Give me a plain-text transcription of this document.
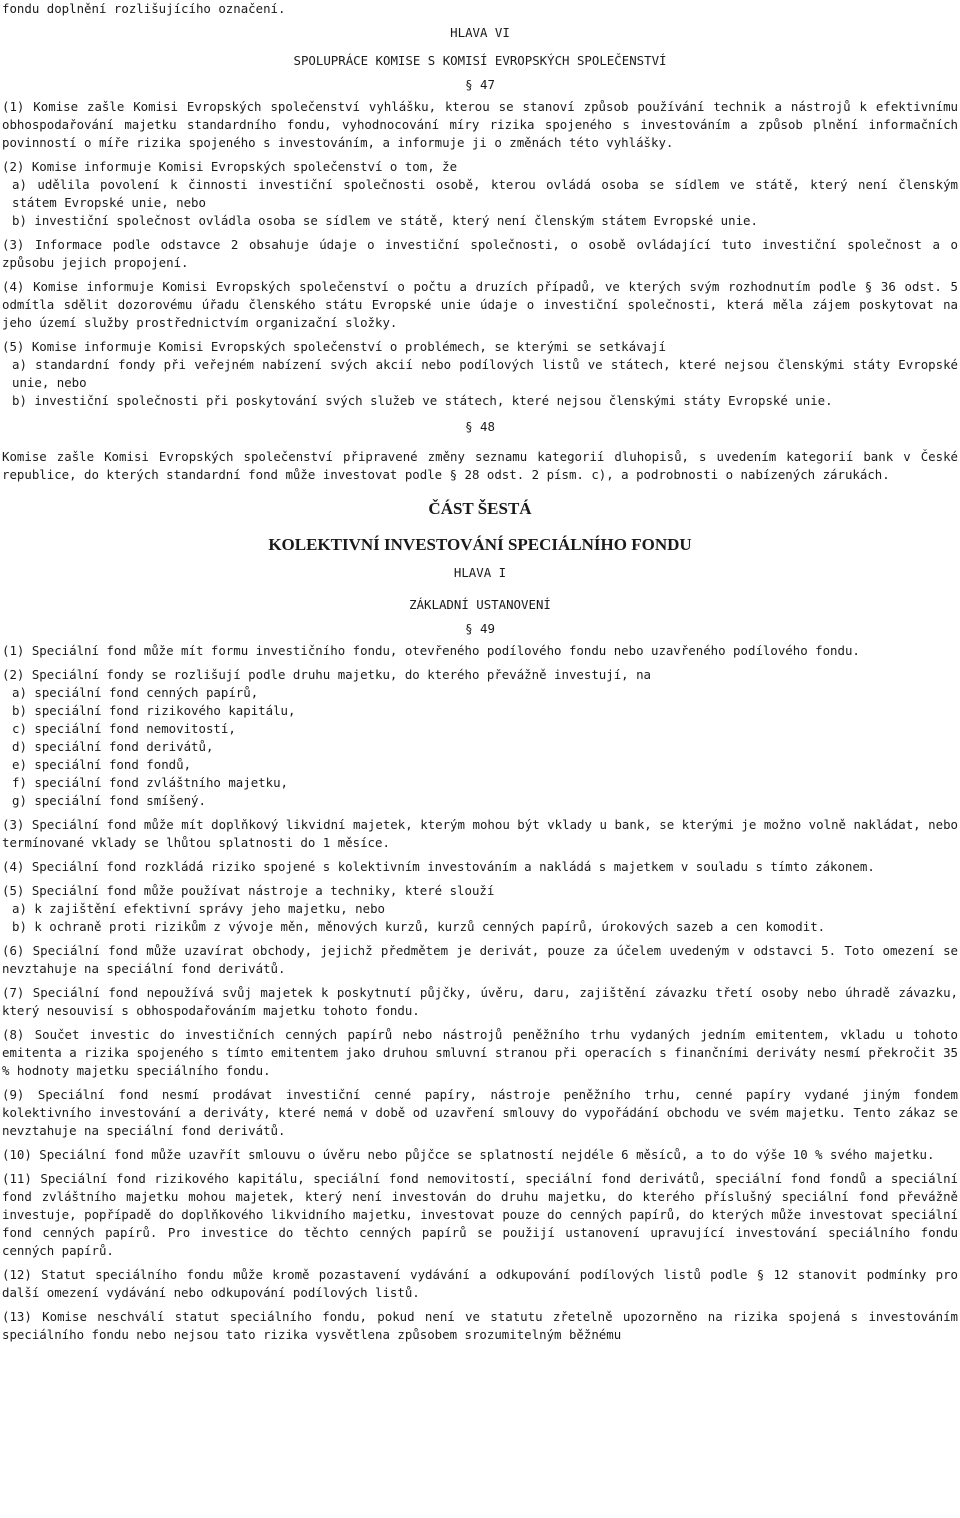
fondu doplnění rozlišujícího označení.

HLAVA VI

SPOLUPRÁCE KOMISE S KOMISÍ EVROPSKÝCH SPOLEČENSTVÍ

§ 47

(1) Komise zašle Komisi Evropských společenství vyhlášku, kterou se stanoví způsob používání technik a nástrojů k efektivnímu obhospodařování majetku standardního fondu, vyhodnocování míry rizika spojeného s investováním a způsob plnění informačních povinností o míře rizika spojeného s investováním, a informuje ji o změnách této vyhlášky.

(2) Komise informuje Komisi Evropských společenství o tom, že

a) udělila povolení k činnosti investiční společnosti osobě, kterou ovládá osoba se sídlem ve státě, který není členským státem Evropské unie, nebo

b) investiční společnost ovládla osoba se sídlem ve státě, který není členským státem Evropské unie.

(3) Informace podle odstavce 2 obsahuje údaje o investiční společnosti, o osobě ovládající tuto investiční společnost a o způsobu jejich propojení.

(4) Komise informuje Komisi Evropských společenství o počtu a druzích případů, ve kterých svým rozhodnutím podle § 36 odst. 5 odmítla sdělit dozorovému úřadu členského státu Evropské unie údaje o investiční společnosti, která měla zájem poskytovat na jeho území služby prostřednictvím organizační složky.

(5) Komise informuje Komisi Evropských společenství o problémech, se kterými se setkávají

a) standardní fondy při veřejném nabízení svých akcií nebo podílových listů ve státech, které nejsou členskými státy Evropské unie, nebo

b) investiční společnosti při poskytování svých služeb ve státech, které nejsou členskými státy Evropské unie.

§ 48

Komise zašle Komisi Evropských společenství připravené změny seznamu kategorií dluhopisů, s uvedením kategorií bank v České republice, do kterých standardní fond může investovat podle § 28 odst. 2 písm. c), a podrobnosti o nabízených zárukách.

ČÁST ŠESTÁ

KOLEKTIVNÍ INVESTOVÁNÍ SPECIÁLNÍHO FONDU

HLAVA I

ZÁKLADNÍ USTANOVENÍ

§ 49

(1) Speciální fond může mít formu investičního fondu, otevřeného podílového fondu nebo uzavřeného podílového fondu.

(2) Speciální fondy se rozlišují podle druhu majetku, do kterého převážně investují, na

a) speciální fond cenných papírů,

b) speciální fond rizikového kapitálu,

c) speciální fond nemovitostí,

d) speciální fond derivátů,

e) speciální fond fondů,

f) speciální fond zvláštního majetku,

g) speciální fond smíšený.

(3) Speciální fond může mít doplňkový likvidní majetek, kterým mohou být vklady u bank, se kterými je možno volně nakládat, nebo termínované vklady se lhůtou splatnosti do 1 měsíce.

(4) Speciální fond rozkládá riziko spojené s kolektivním investováním a nakládá s majetkem v souladu s tímto zákonem.

(5) Speciální fond může používat nástroje a techniky, které slouží

a) k zajištění efektivní správy jeho majetku, nebo

b) k ochraně proti rizikům z vývoje měn, měnových kurzů, kurzů cenných papírů, úrokových sazeb a cen komodit.

(6) Speciální fond může uzavírat obchody, jejichž předmětem je derivát, pouze za účelem uvedeným v odstavci 5. Toto omezení se nevztahuje na speciální fond derivátů.

(7) Speciální fond nepoužívá svůj majetek k poskytnutí půjčky, úvěru, daru, zajištění závazku třetí osoby nebo úhradě závazku, který nesouvisí s obhospodařováním majetku tohoto fondu.

(8) Součet investic do investičních cenných papírů nebo nástrojů peněžního trhu vydaných jedním emitentem, vkladu u tohoto emitenta a rizika spojeného s tímto emitentem jako druhou smluvní stranou při operacích s finančními deriváty nesmí překročit 35 % hodnoty majetku speciálního fondu.

(9) Speciální fond nesmí prodávat investiční cenné papíry, nástroje peněžního trhu, cenné papíry vydané jiným fondem kolektivního investování a deriváty, které nemá v době od uzavření smlouvy do vypořádání obchodu ve svém majetku. Tento zákaz se nevztahuje na speciální fond derivátů.

(10) Speciální fond může uzavřít smlouvu o úvěru nebo půjčce se splatností nejdéle 6 měsíců, a to do výše 10 % svého majetku.

(11) Speciální fond rizikového kapitálu, speciální fond nemovitostí, speciální fond derivátů, speciální fond fondů a speciální fond zvláštního majetku mohou majetek, který není investován do druhu majetku, do kterého příslušný speciální fond převážně investuje, popřípadě do doplňkového likvidního majetku, investovat pouze do cenných papírů, do kterých může investovat speciální fond cenných papírů. Pro investice do těchto cenných papírů se použijí ustanovení upravující investování speciálního fondu cenných papírů.

(12) Statut speciálního fondu může kromě pozastavení vydávání a odkupování podílových listů podle § 12 stanovit podmínky pro další omezení vydávání nebo odkupování podílových listů.

(13) Komise neschválí statut speciálního fondu, pokud není ve statutu zřetelně upozorněno na rizika spojená s investováním speciálního fondu nebo nejsou tato rizika vysvětlena způsobem srozumitelným běžnému
